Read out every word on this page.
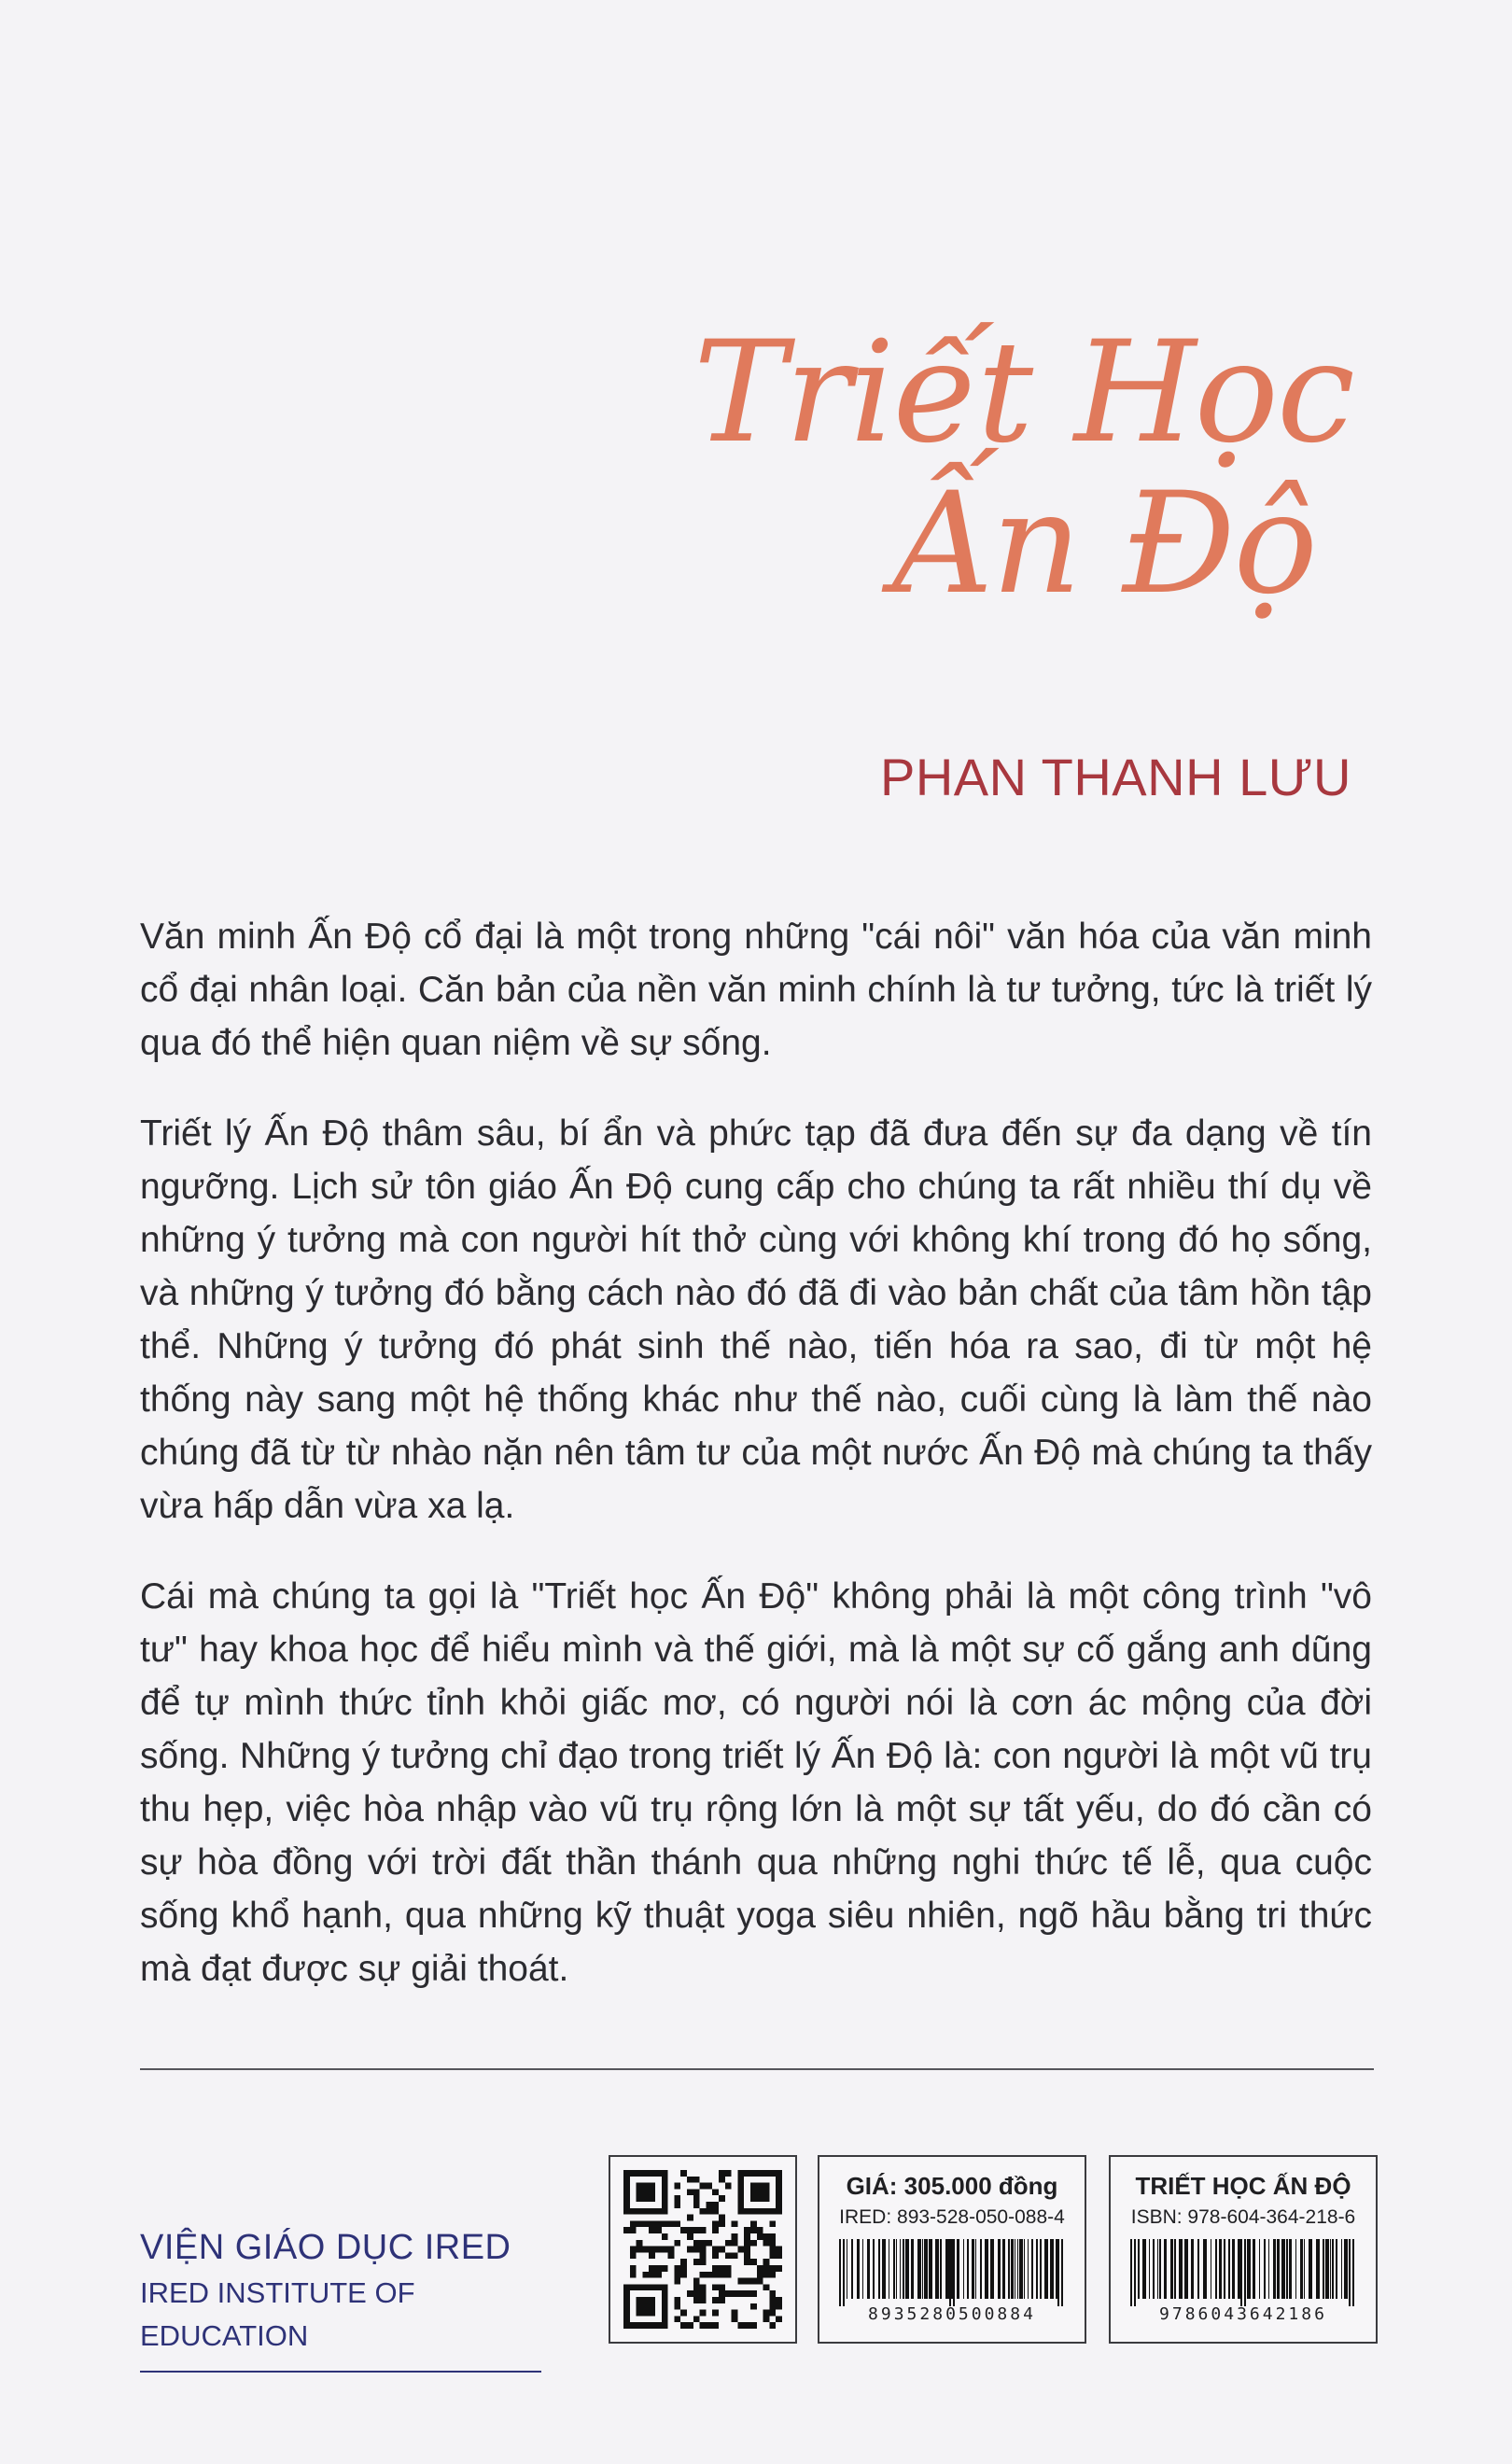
Triết Học
Ấn Độ
PHAN THANH LƯU

Văn minh Ấn Độ cổ đại là một trong những "cái nôi" văn hóa của văn minh cổ đại nhân loại. Căn bản của nền văn minh chính là tư tưởng, tức là triết lý qua đó thể hiện quan niệm về sự sống.

Triết lý Ấn Độ thâm sâu, bí ẩn và phức tạp đã đưa đến sự đa dạng về tín ngưỡng. Lịch sử tôn giáo Ấn Độ cung cấp cho chúng ta rất nhiều thí dụ về những ý tưởng mà con người hít thở cùng với không khí trong đó họ sống, và những ý tưởng đó bằng cách nào đó đã đi vào bản chất của tâm hồn tập thể. Những ý tưởng đó phát sinh thế nào, tiến hóa ra sao, đi từ một hệ thống này sang một hệ thống khác như thế nào, cuối cùng là làm thế nào chúng đã từ từ nhào nặn nên tâm tư của một nước Ấn Độ mà chúng ta thấy vừa hấp dẫn vừa xa lạ.

Cái mà chúng ta gọi là "Triết học Ấn Độ" không phải là một công trình "vô tư" hay khoa học để hiểu mình và thế giới, mà là một sự cố gắng anh dũng để tự mình thức tỉnh khỏi giấc mơ, có người nói là cơn ác mộng của đời sống. Những ý tưởng chỉ đạo trong triết lý Ấn Độ là: con người là một vũ trụ thu hẹp, việc hòa nhập vào vũ trụ rộng lớn là một sự tất yếu, do đó cần có sự hòa đồng với trời đất thần thánh qua những nghi thức tế lễ, qua cuộc sống khổ hạnh, qua những kỹ thuật yoga siêu nhiên, ngõ hầu bằng tri thức mà đạt được sự giải thoát.

VIỆN GIÁO DỤC IRED
IRED INSTITUTE OF EDUCATION
GIÁ: 305.000 đồng
IRED: 893-528-050-088-4
8935280500884
TRIẾT HỌC ẤN ĐỘ
ISBN: 978-604-364-218-6
9786043642186
